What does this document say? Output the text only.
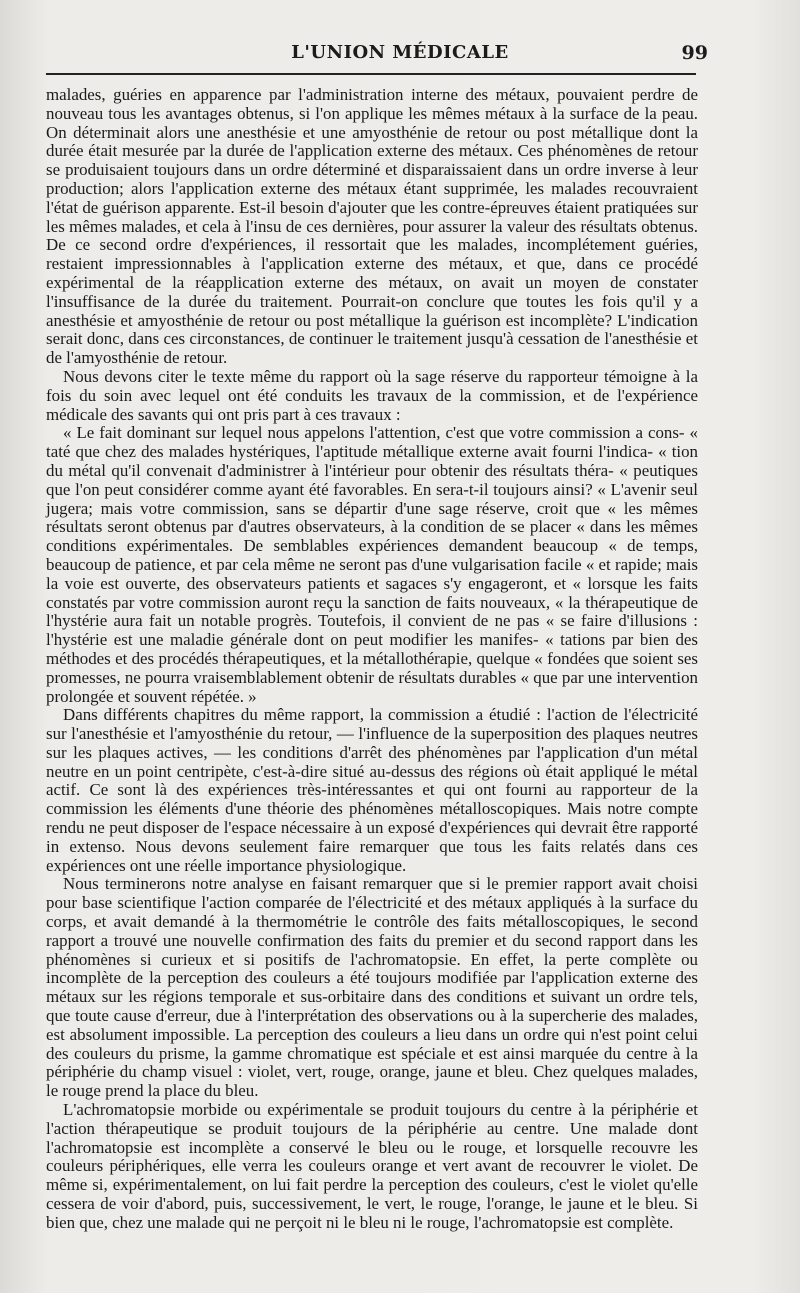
L'UNION MÉDICALE	99

malades, guéries en apparence par l'administration interne des métaux, pouvaient perdre de nouveau tous les avantages obtenus, si l'on applique les mêmes métaux à la surface de la peau. On déterminait alors une anesthésie et une amyosthénie de retour ou post métallique dont la durée était mesurée par la durée de l'application externe des métaux. Ces phénomènes de retour se produisaient toujours dans un ordre déterminé et disparaissaient dans un ordre inverse à leur production; alors l'application externe des métaux étant supprimée, les malades recouvraient l'état de guérison apparente. Est-il besoin d'ajouter que les contre-épreuves étaient pratiquées sur les mêmes malades, et cela à l'insu de ces dernières, pour assurer la valeur des résultats obtenus. De ce second ordre d'expériences, il ressortait que les malades, incomplétement guéries, restaient impressionnables à l'application externe des métaux, et que, dans ce procédé expérimental de la réapplication externe des métaux, on avait un moyen de constater l'insuffisance de la durée du traitement. Pourrait-on conclure que toutes les fois qu'il y a anesthésie et amyosthénie de retour ou post métallique la guérison est incomplète? L'indication serait donc, dans ces circonstances, de continuer le traitement jusqu'à cessation de l'anesthésie et de l'amyosthénie de retour.

Nous devons citer le texte même du rapport où la sage réserve du rapporteur témoigne à la fois du soin avec lequel ont été conduits les travaux de la commission, et de l'expérience médicale des savants qui ont pris part à ces travaux :

« Le fait dominant sur lequel nous appelons l'attention, c'est que votre commission a cons- « taté que chez des malades hystériques, l'aptitude métallique externe avait fourni l'indica- « tion du métal qu'il convenait d'administrer à l'intérieur pour obtenir des résultats théra- « peutiques que l'on peut considérer comme ayant été favorables. En sera-t-il toujours ainsi? « L'avenir seul jugera; mais votre commission, sans se départir d'une sage réserve, croit que « les mêmes résultats seront obtenus par d'autres observateurs, à la condition de se placer « dans les mêmes conditions expérimentales. De semblables expériences demandent beaucoup « de temps, beaucoup de patience, et par cela même ne seront pas d'une vulgarisation facile « et rapide; mais la voie est ouverte, des observateurs patients et sagaces s'y engageront, et « lorsque les faits constatés par votre commission auront reçu la sanction de faits nouveaux, « la thérapeutique de l'hystérie aura fait un notable progrès. Toutefois, il convient de ne pas « se faire d'illusions : l'hystérie est une maladie générale dont on peut modifier les manifes- « tations par bien des méthodes et des procédés thérapeutiques, et la métallothérapie, quelque « fondées que soient ses promesses, ne pourra vraisemblablement obtenir de résultats durables « que par une intervention prolongée et souvent répétée. »

Dans différents chapitres du même rapport, la commission a étudié : l'action de l'électricité sur l'anesthésie et l'amyosthénie du retour, — l'influence de la superposition des plaques neutres sur les plaques actives, — les conditions d'arrêt des phénomènes par l'application d'un métal neutre en un point centripète, c'est-à-dire situé au-dessus des régions où était appliqué le métal actif. Ce sont là des expériences très-intéressantes et qui ont fourni au rapporteur de la commission les éléments d'une théorie des phénomènes métalloscopiques. Mais notre compte rendu ne peut disposer de l'espace nécessaire à un exposé d'expériences qui devrait être rapporté in extenso. Nous devons seulement faire remarquer que tous les faits relatés dans ces expériences ont une réelle importance physiologique.

Nous terminerons notre analyse en faisant remarquer que si le premier rapport avait choisi pour base scientifique l'action comparée de l'électricité et des métaux appliqués à la surface du corps, et avait demandé à la thermométrie le contrôle des faits métalloscopiques, le second rapport a trouvé une nouvelle confirmation des faits du premier et du second rapport dans les phénomènes si curieux et si positifs de l'achromatopsie. En effet, la perte complète ou incomplète de la perception des couleurs a été toujours modifiée par l'application externe des métaux sur les régions temporale et sus-orbitaire dans des conditions et suivant un ordre tels, que toute cause d'erreur, due à l'interprétation des observations ou à la supercherie des malades, est absolument impossible. La perception des couleurs a lieu dans un ordre qui n'est point celui des couleurs du prisme, la gamme chromatique est spéciale et est ainsi marquée du centre à la périphérie du champ visuel : violet, vert, rouge, orange, jaune et bleu. Chez quelques malades, le rouge prend la place du bleu.

L'achromatopsie morbide ou expérimentale se produit toujours du centre à la périphérie et l'action thérapeutique se produit toujours de la périphérie au centre. Une malade dont l'achromatopsie est incomplète a conservé le bleu ou le rouge, et lorsquelle recouvre les couleurs périphériques, elle verra les couleurs orange et vert avant de recouvrer le violet. De même si, expérimentalement, on lui fait perdre la perception des couleurs, c'est le violet qu'elle cessera de voir d'abord, puis, successivement, le vert, le rouge, l'orange, le jaune et le bleu. Si bien que, chez une malade qui ne perçoit ni le bleu ni le rouge, l'achromatopsie est complète.
